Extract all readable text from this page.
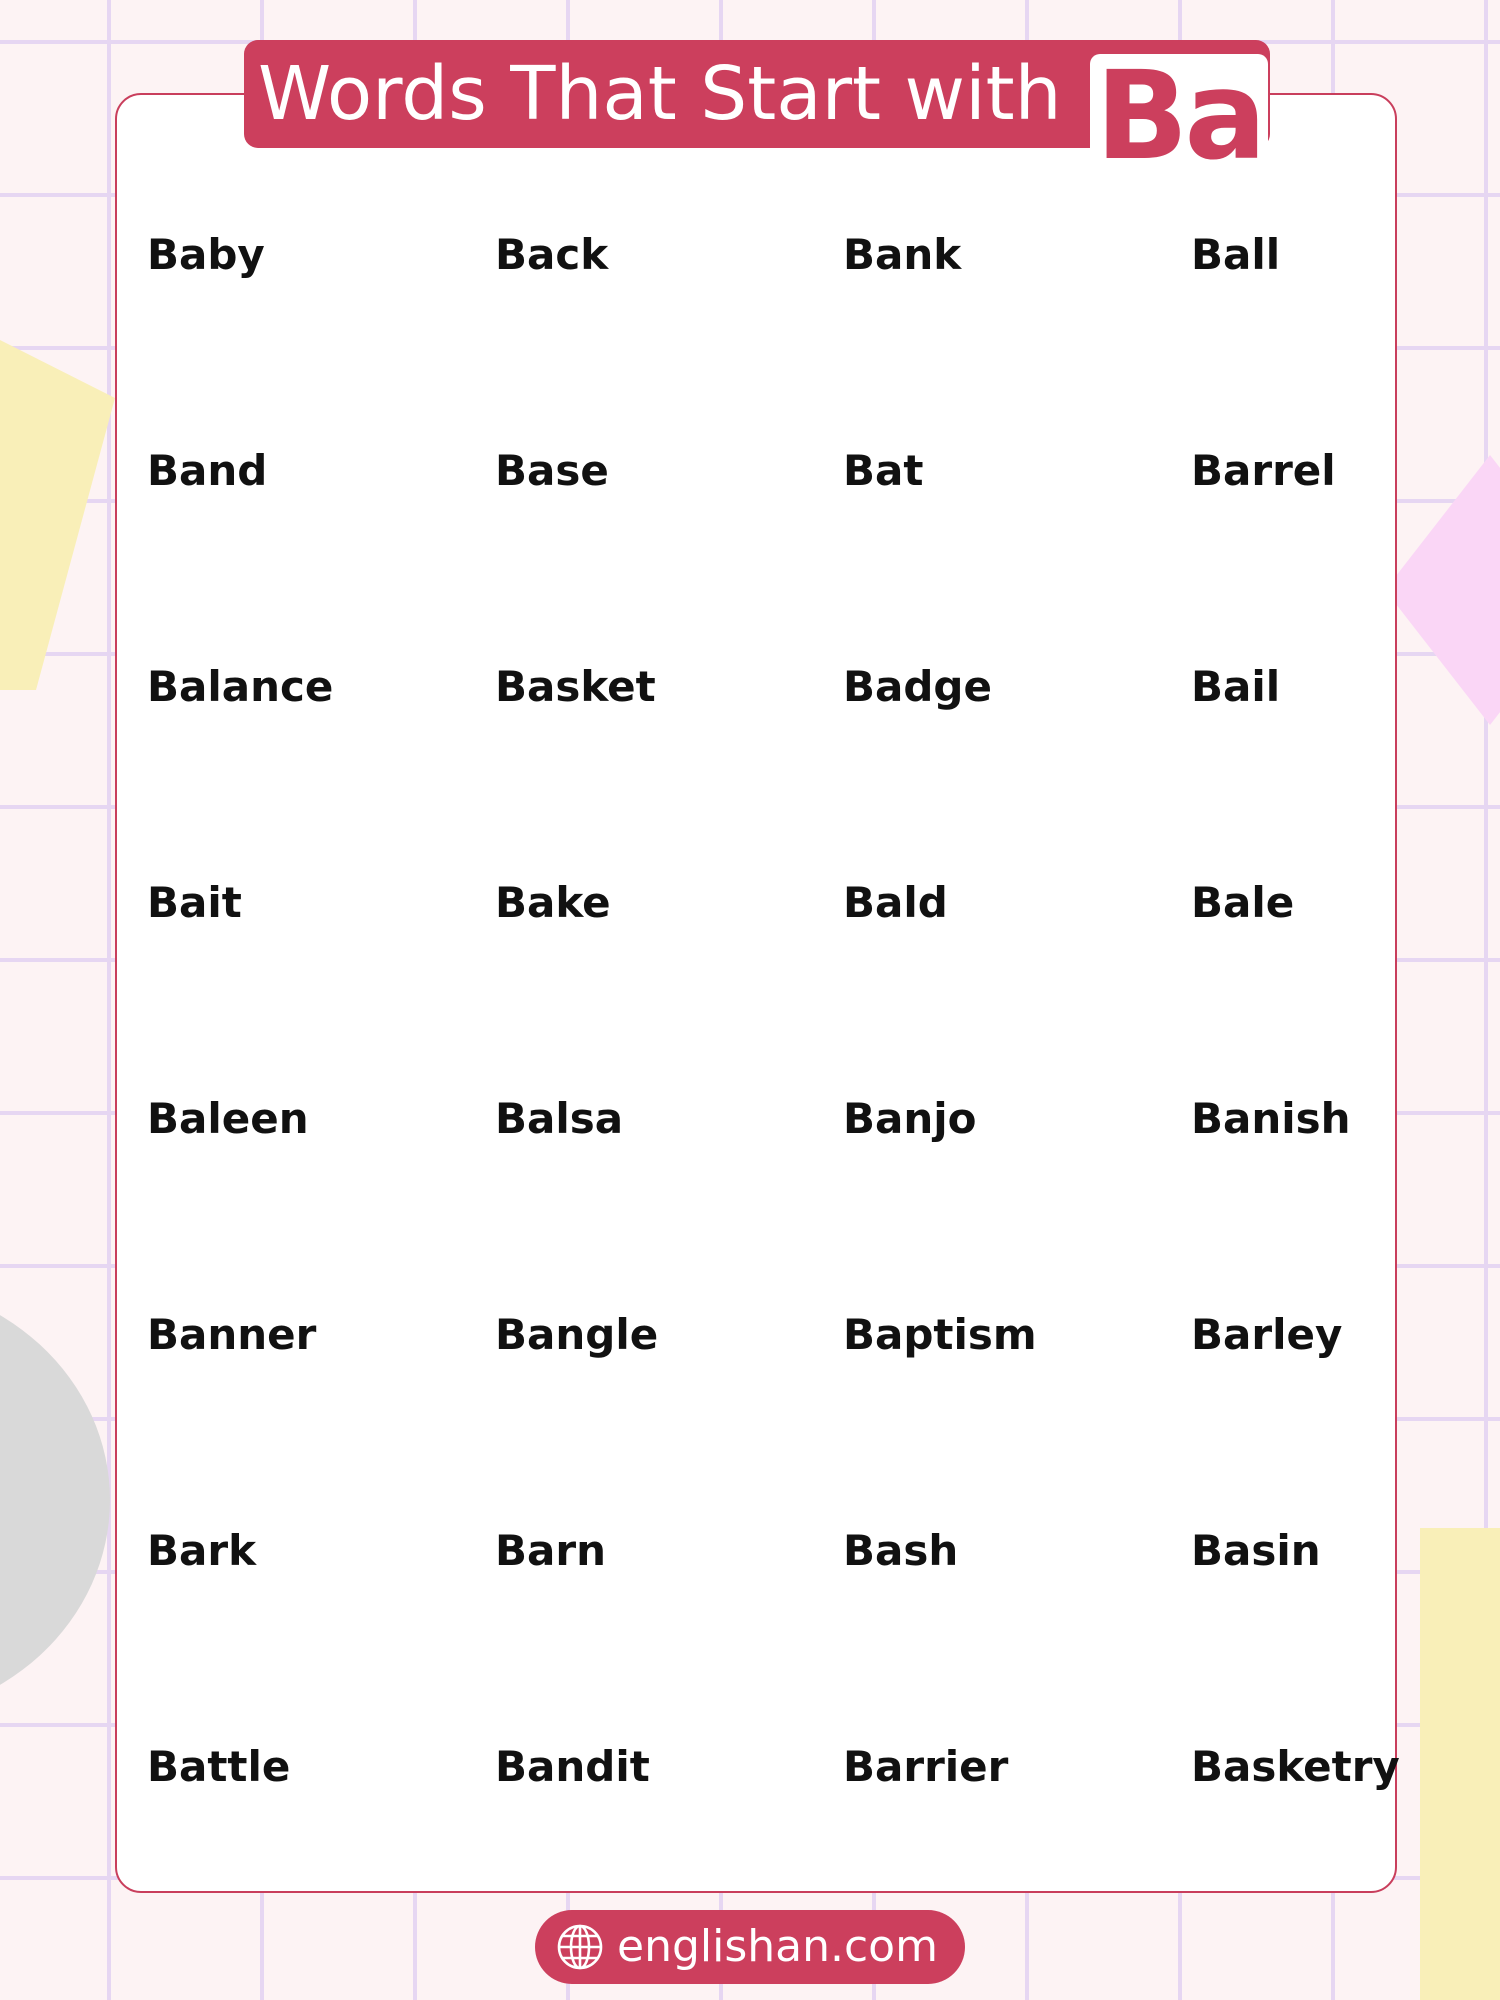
Words That Start with Ba
Baby	Back	Bank	Ball
Band	Base	Bat	Barrel
Balance	Basket	Badge	Bail
Bait	Bake	Bald	Bale
Baleen	Balsa	Banjo	Banish
Banner	Bangle	Baptism	Barley
Bark	Barn	Bash	Basin
Battle	Bandit	Barrier	Basketry
englishan.com
